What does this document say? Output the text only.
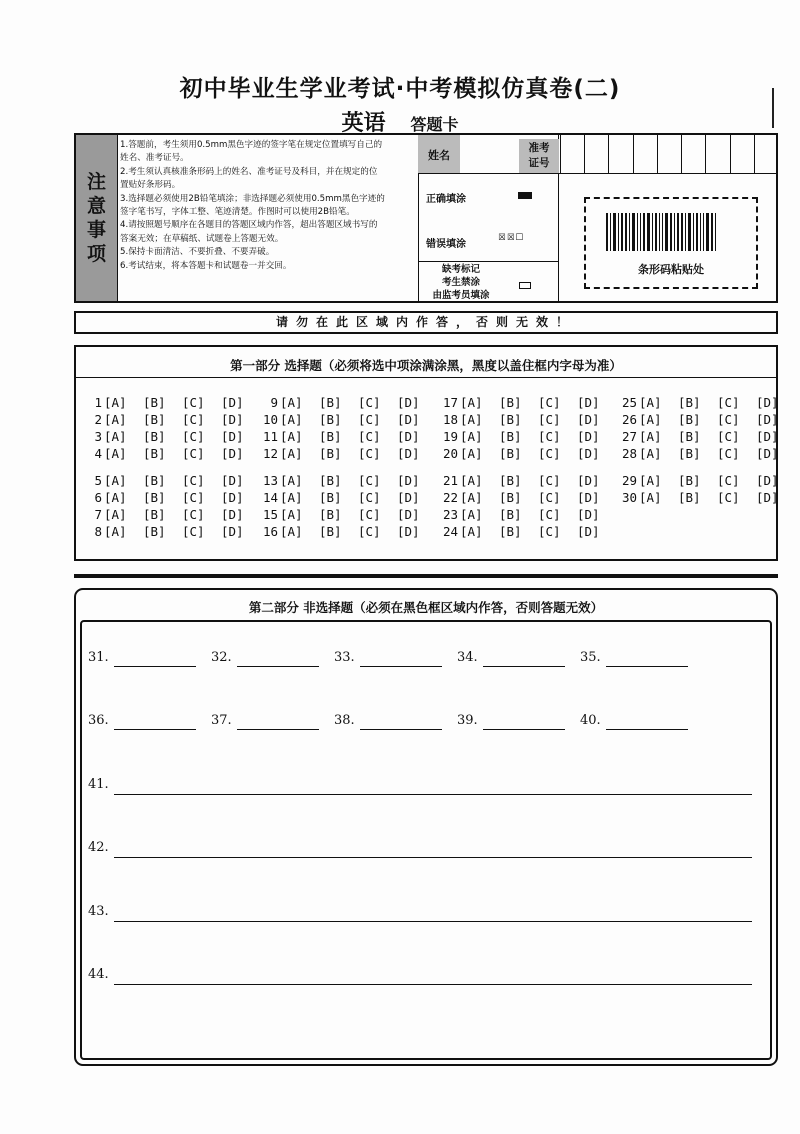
初中毕业生学业考试·中考模拟仿真卷(二)
英语 答题卡
注
意
事
项
1.答题前，考生须用0.5mm黑色字迹的签字笔在规定位置填写自己的
姓名、准考证号。
2.考生须认真核准条形码上的姓名、准考证号及科目，并在规定的位
置贴好条形码。
3.选择题必须使用2B铅笔填涂；非选择题必须使用0.5mm黑色字迹的
签字笔书写，字体工整、笔迹清楚。作图时可以使用2B铅笔。
4.请按照题号顺序在各题目的答题区域内作答，超出答题区域书写的
答案无效；在草稿纸、试题卷上答题无效。
5.保持卡面清洁、不要折叠、不要弄破。
6.考试结束，将本答题卡和试题卷一并交回。
姓名
准考
证号
正确填涂
错误填涂
☒☒☐
缺考标记
考生禁涂
由监考员填涂
条形码粘贴处
请勿在此区域内作答，否则无效！
第一部分 选择题（必须将选中项涂满涂黑，黑度以盖住框内字母为准）
1 [A] [B] [C] [D]
2 [A] [B] [C] [D]
3 [A] [B] [C] [D]
4 [A] [B] [C] [D]
5 [A] [B] [C] [D]
6 [A] [B] [C] [D]
7 [A] [B] [C] [D]
8 [A] [B] [C] [D]
9 [A] [B] [C] [D]
10 [A] [B] [C] [D]
11 [A] [B] [C] [D]
12 [A] [B] [C] [D]
13 [A] [B] [C] [D]
14 [A] [B] [C] [D]
15 [A] [B] [C] [D]
16 [A] [B] [C] [D]
17 [A] [B] [C] [D]
18 [A] [B] [C] [D]
19 [A] [B] [C] [D]
20 [A] [B] [C] [D]
21 [A] [B] [C] [D]
22 [A] [B] [C] [D]
23 [A] [B] [C] [D]
24 [A] [B] [C] [D]
25 [A] [B] [C] [D]
26 [A] [B] [C] [D]
27 [A] [B] [C] [D]
28 [A] [B] [C] [D]
29 [A] [B] [C] [D]
30 [A] [B] [C] [D]
第二部分 非选择题（必须在黑色框区域内作答，否则答题无效）
31.	32.	33.	34.	35.
36.	37.	38.	39.	40.
41.
42.
43.
44.
